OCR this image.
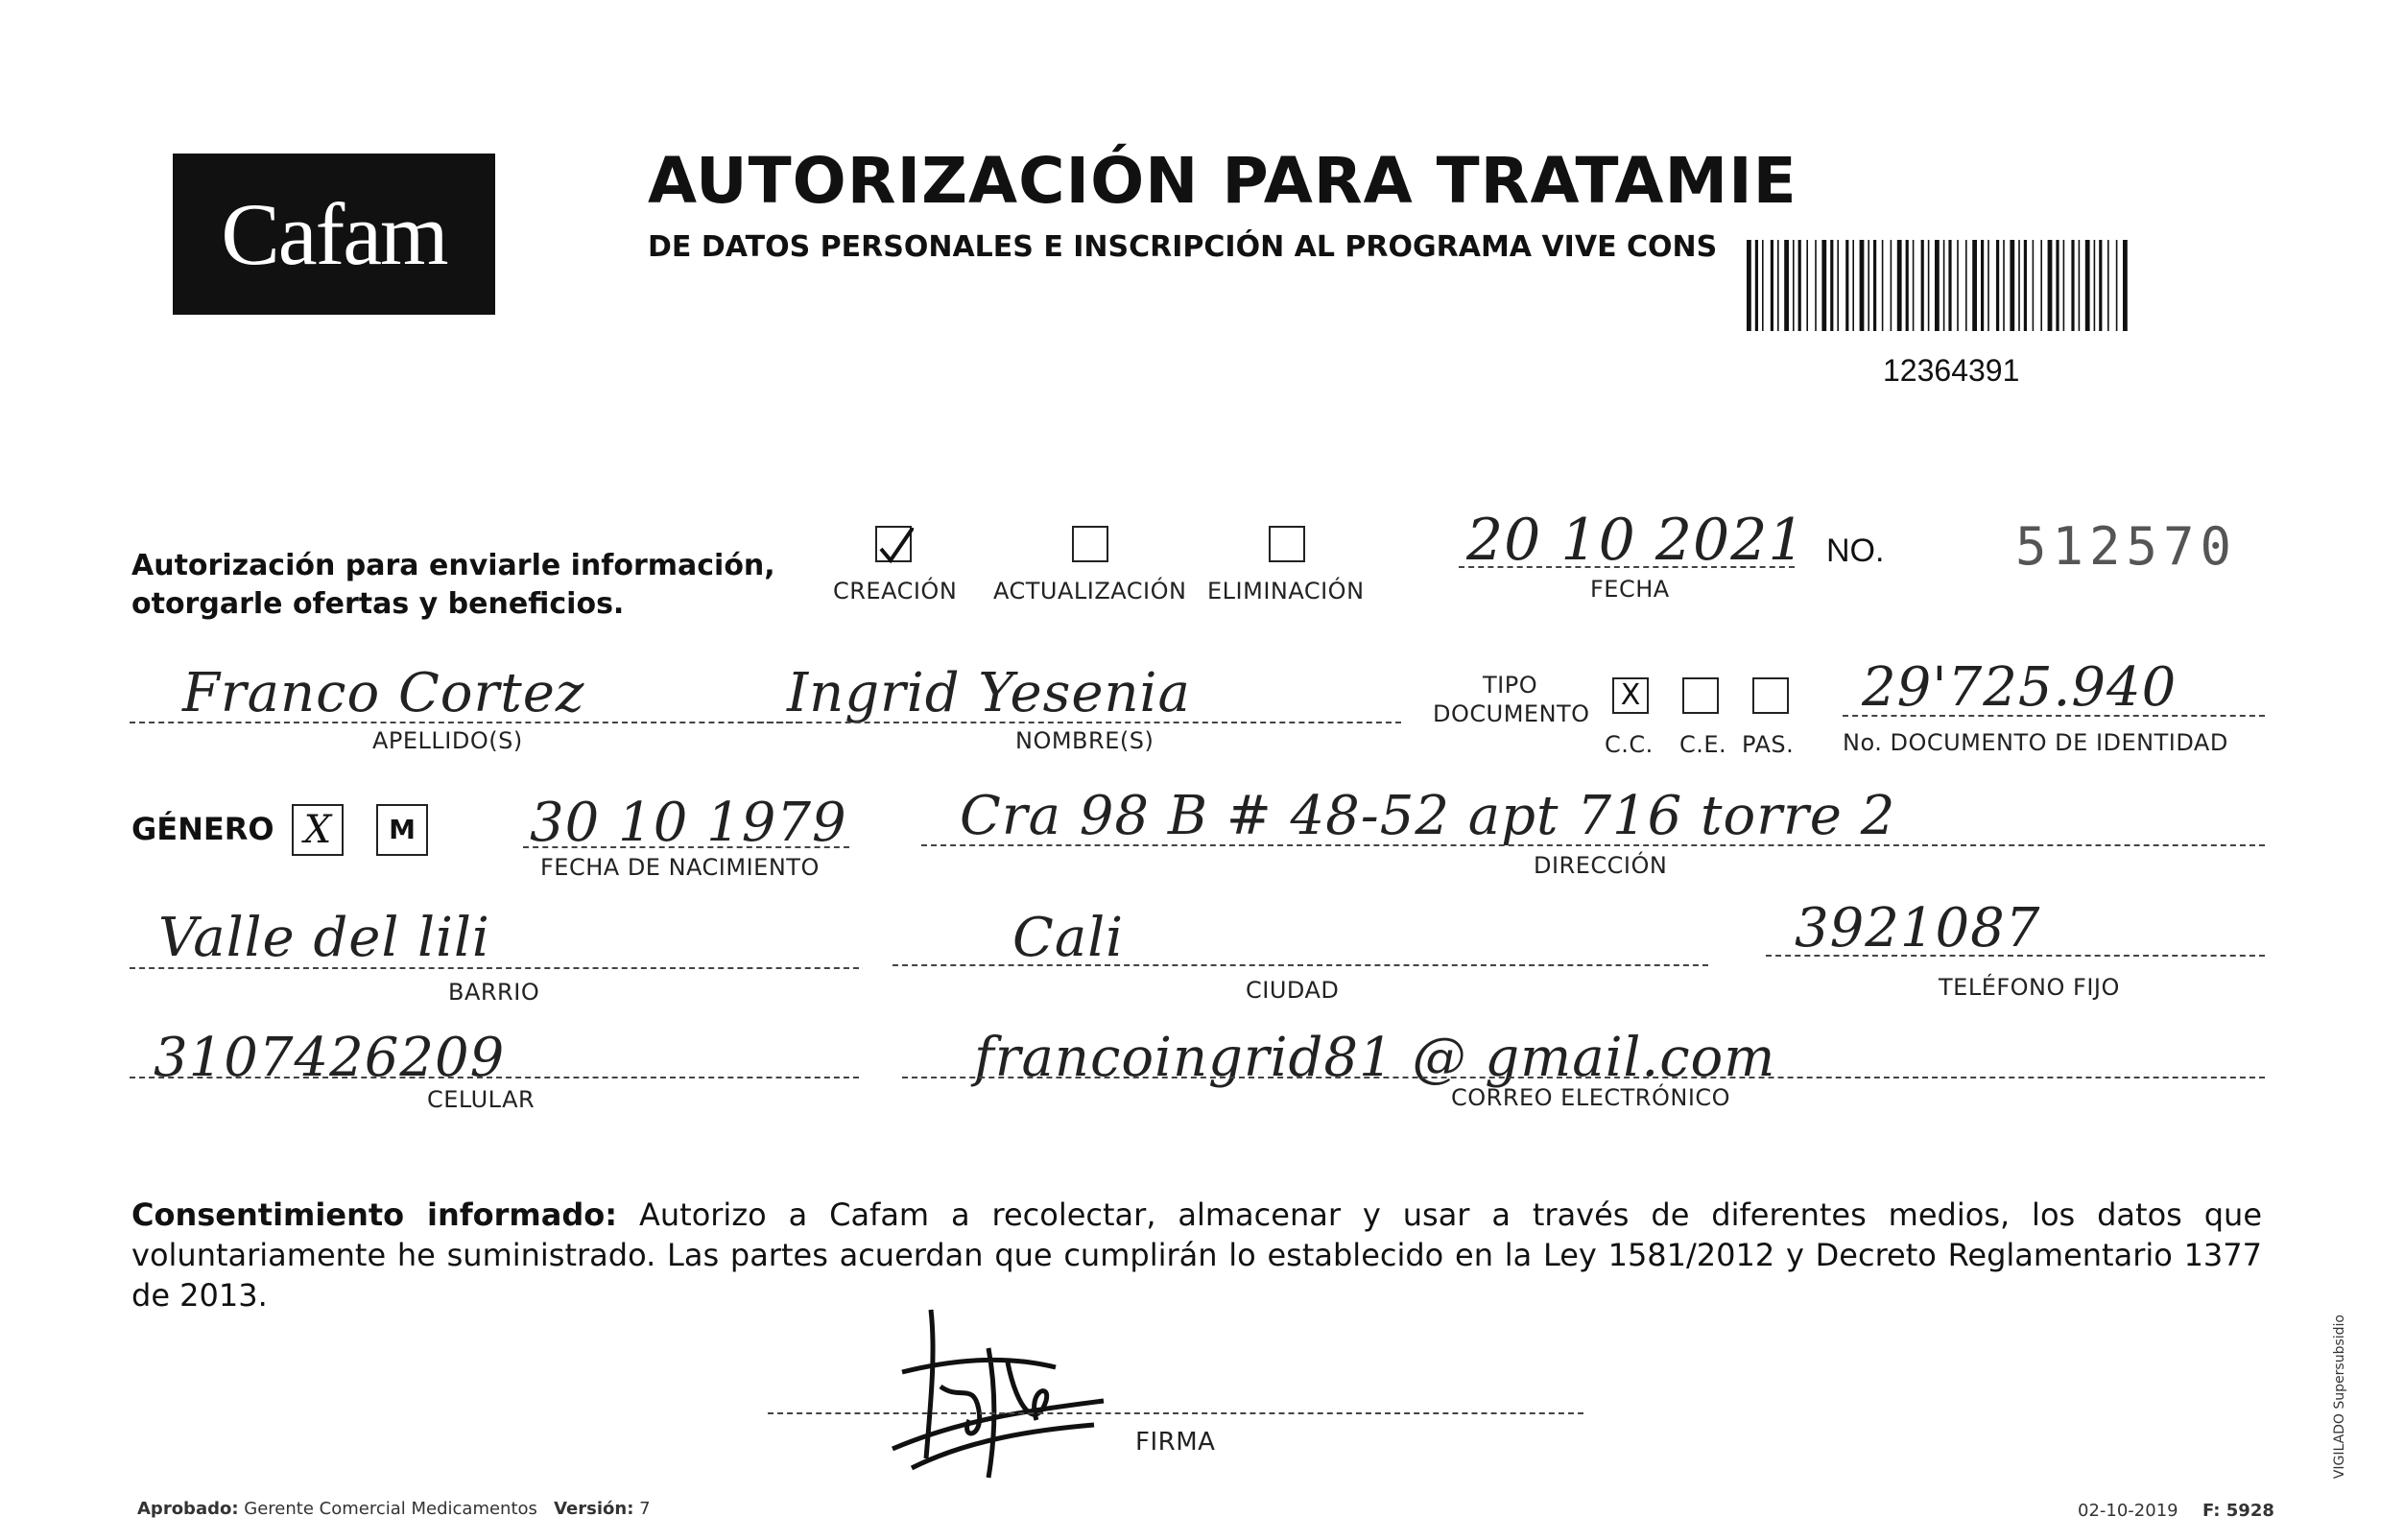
Cafam
AUTORIZACIÓN PARA TRATAMIE
DE DATOS PERSONALES E INSCRIPCIÓN AL PROGRAMA VIVE CONS
12364391
Autorización para enviarle información,
otorgarle ofertas y beneficios.	CREACIÓN ACTUALIZACIÓN ELIMINACIÓN
20 10 2021
FECHA
NO.	512570
Franco Cortez
APELLIDO(S)
Ingrid Yesenia
NOMBRE(S)
TIPO
DOCUMENTO
X
C.C. C.E. PAS.
29'725.940
No. DOCUMENTO DE IDENTIDAD
GÉNERO X	M 30 10 1979
FECHA DE NACIMIENTO
Cra 98 B # 48-52 apt 716 torre 2
DIRECCIÓN
Valle del lili
BARRIO
Cali
CIUDAD
3921087
TELÉFONO FIJO
3107426209
CELULAR
francoingrid81 @ gmail.com
CORREO ELECTRÓNICO
Consentimiento informado: Autorizo a Cafam a recolectar, almacenar y usar a través de diferentes medios, los datos que voluntariamente he suministrado. Las partes acuerdan que cumplirán lo establecido en la Ley 1581/2012 y Decreto Reglamentario 1377 de 2013.
FIRMA
Aprobado: Gerente Comercial Medicamentos Versión: 7	02-10-2019 F: 5928
VIGILADO Supersubsidio
